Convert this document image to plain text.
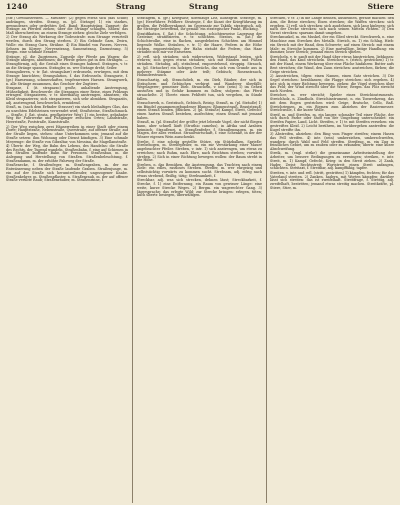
1240	Strang	Strang	Stiere

[Str.] Gewölbstreifen. — Mitunter: (2) gegen etwas sich (das Schiff) andrängen, streifen. Strang, m. (pl. Stränge) 1) ein starkes, gewundenes oder gedrehtes Seil, Band; Hauptsträng, Zuggurt; die Stränge an Pferden ziehen; über die Stränge schlagen, hauen: das Maß überschreiten; an einem Strange ziehen: gleiche Ziele verfolgen.

2) Der Strang als Werkzeug der Todesstrafe: zum Strange verurteilt werden, durch den Strang sterben. 3) Ein Gebinde Garn, Zwirn, Wolle: ein Strang Garn, Strähne. 4) Ein Bündel von Fasern, Nerven, Sehnen im Körper; Nervenstrang, Samenstrang, Darmstrang. 5) Bergm. eine schmale Erzader.

Stränge, pl. die Zugriemen, Zugseile der Pferde am Wagen; die Stränge anlegen, abnehmen; die Pferde gehen gut in den Strängen. — Strangförmig, adj. die Gestalt eines Stranges habend. Strängen, v. tr. an die Stränge spannen. Strängler, m. wer Stränge dreht; Seiler.

Strangulieren, v. tr. (lat. strangulare) erdrosseln, erwürgen, mit dem Strange hinrichten; Strangulation, f. das Erdrosseln. Strangurie, f. (gr.) Harnzwang, schmerzhaftes, tropfenweises Harnen. Strangwerk, n. alle Stränge zusammen, das Geschirr der Zugtiere.

Strapaze, f. (it. strapazzo) große, anhaltende Anstrengung, Mühseligkeit, Beschwerde: die Strapazen einer Reise, eines Feldzugs ertragen. Strapazieren, v. tr. übermäßig anstrengen, abnutzen; ein Kleid strapazieren; sich strapazieren, sich sehr abmühen. Strapaziös, adj. anstrengend, beschwerlich, ermüdend.

Straß, m. (nach dem Erfinder Strasser) ein stark bleihaltiges Glas, das zu unechten Edelsteinen verwendet wird; Straßsteine, Straßschmuck. — Straße, f. (lat. strata, gepflasterter Weg) 1) ein breiter, gebahnter Weg für Fuhrwerke und Fußgänger zwischen Orten; Landstraße, Heerstraße, Poststraße, Kunststraße.

2) Der Weg zwischen zwei Häuserreihen in einer Stadt oder einem Dorfe; Hauptstraße, Nebenstraße, Querstraße; auf offener Straße; auf der Straße liegen, stehen: ohne Unterkommen sein; jemand auf die Straße setzen: ihm Wohnung oder Dienst kündigen. 3) Eine schmale Meerenge: die Straße von Gibraltar, von Messina, die Magellanstraße.

4) Übertr. der Weg, die Bahn des Lebens, des Handelns: die Straße des Rechts, der Tugend wandeln. Straßenbahn, f. eine auf Schienen in den Straßen laufende Bahn für Personen. Straßenbau, m. die Anlegung und Herstellung von Straßen. Straßenbeleuchtung, f. Straßendamm, m. der erhöhte Fahrweg der Straße.

Straßenecke, f. Straßenfeger, m. Straßengraben, m. der zur Entwässerung neben der Straße laufende Graben. Straßenjunge, m. ein auf der Straße sich herumtreibender, ungezogener Knabe. Straßenkehrer, m. Straßenpflaster, n. Straßenraub, m. der auf offener Straße verübte Raub; Straßenräuber, m. Straßenrinne, f.

Stratagem, n. (gr.) Kriegslist; überhaupt List, Kunstgriff. Stratege, m. (gr.) Heerführer, Feldherr. Strategie, f. die Kunst der Kriegführung im großen, die Feldherrnkunst, im Gegensatz zur Taktik; strategisch, adj. die Strategie betreffend, ihr gemäß: ein strategischer Punkt, Rückzug.

Stratifikation, f. (lat.) die Schichtung, schichtenweise Lagerung der Gesteine; stratifizieren, v. tr. schichten. Stratus, m. (lat.) die Schichtwolke, eine in flachen, ausgedehnten Schichten am Himmel liegende Wolke. Sträuben, v. tr. 1) die Haare, Federn in die Höhe richten, emporsträuben: der Hahn sträubt die Federn; das Haar sträubte sich mir vor Entsetzen.

2) refl. sich sträuben: sich widersetzen, Widerstand leisten, sich wehren; sich gegen etwas sträuben; sich mit Händen und Füßen sträuben. Sträubig, adj. sträubend, emporstehend, struppig. Strauch, m. (pl. Sträucher) ein holziges Gewächs, das sich vom Grunde aus in mehrere Stämme oder Äste teilt; Gebüsch; Rosenstrauch, Holunderstrauch.

Strauchartig, adj. Strauchdieb, m. ein Dieb, Räuber, der sich in Sträuchern und Gebüschen verbirgt und Wanderer überfällt; Wegelagerer; gemeiner Dieb. Straucheln, v. intr. (sein) 1) im Gehen anstoßen und in Gefahr kommen zu fallen; stolpern: das Pferd strauchelte. 2) Übertr. einen Fehltritt tun, sich vergehen, in Sünde fallen.

Strauchwerk, n. Gesträuch, Gebüsch, Reisig. Strauß, m. (pl. Sträuße) 1) ein Bündel zusammengebundener Blumen; Blumenstrauß, Brautstrauß; einen Strauß binden, pflücken. 2) (pl. Strauße) Kampf, Streit, Gefecht: einen harten Strauß bestehen, ausfechten; einen Strauß mit jemand haben.

Strauß, m. (pl. Strauße) der größte jetzt lebende Vogel, der nicht fliegen kann, aber schnell läuft (Struthio camelus), in Afrika und Arabien heimisch; Straußenei, n. Straußenfeder, f. Straußenmagen, m. ein Magen, der alles verdaut. Straußwirtschaft, f. eine Schenke, in der der Winzer eigenen Wein ausschenkt.

Strebe, f. eine schräg gestellte Stütze, ein Stützbalken, Sprieße; Strebebogen, m. Strebepfeiler, m. ein zur Verstärkung einer Mauer angebrachter Pfeiler. Streben, v. intr. 1) sich anstrengen, um etwas zu erreichen; nach Ruhm, nach Ehre, nach Reichtum streben; vorwärts streben. 2) Sich in einer Richtung bewegen wollen: der Baum strebt in die Höhe.

Streben, n. das Bemühen, die Anstrengung, das Trachten nach einem Ziele: ein edles, rastloses Streben. Streber, m. wer ehrgeizig und selbstsüchtig vorwärts zu kommen sucht. Strebsam, adj. eifrig nach etwas strebend, fleißig, tätig; Strebsamkeit, f.

Streckbar, adj. was sich strecken, dehnen lässt; Streckbarkeit, f. Strecke, f. 1) eine Entfernung, ein Raum von gewisser Länge: eine weite, kurze Strecke Weges. 2) Bergm. ein wagerechter Gang. 3) Jägersprache: das erlegte Wild; zur Strecke bringen: erlegen, töten; auch übertr. besiegen, überwältigen.

Strecken, v. tr. 1) in die Länge dehnen, ausdehnen, gerade machen: den Arm, die Beine strecken; Eisen strecken; die Waffen strecken: sich ergeben. 2) refl. sich strecken: sich ausdehnen, sich lang hinlegen; sich nach der Decke strecken: sich nach seinen Mitteln richten. 3) Den Vorrat strecken: sparsam damit umgehen.

Streckmuskel, m. ein Muskel, der ein Glied streckt. Streckwerk, n. eine Maschine zum Strecken des Metalls. Streich, m. 1) ein Schlag, Hieb: ein Streich mit der Hand, dem Schwerte; auf einen Streich: mit einem Male; zu Streiche kommen. 2) Eine mutwillige, listige Handlung: ein dummer, loser Streich; jemand einen Streich spielen.

Streicheln, v. tr. sanft mit der Hand über etwas hinstreichen, liebkosen: den Hund, das Kind streicheln. Streichen, v. (strich, gestrichen) 1) tr. mit der Hand, einem Werkzeug über eine Fläche hinfahren: Butter aufs Brot streichen; die Wand, den Zaun streichen: anstreichen, färben; die Geige streichen.

2) Ausstreichen, tilgen: einen Namen, einen Satz streichen. 3) Die Segel streichen: herablassen; die Flagge streichen: sich ergeben. 4) intr. sich in einer Richtung bewegen, ziehen: die Vögel streichen über das Feld; der Wind streicht über die Wiese; Bergm. das Flöz streicht nach Norden.

Streicher, m. wer streicht; Spieler eines Streichinstruments. Streichholz, n. Zündholz. Streichinstrument, n. ein Tonwerkzeug, das mit dem Bogen gestrichen wird: Geige, Bratsche, Cello, Baß. Streichriemen, m. ein Riemen zum Abziehen der Rasiermesser. Streichwolle, f. die kurze Wolle.

Streif, m. und Streifen, m. ein langer, schmaler Teil einer Fläche, der sich durch Farbe oder Stoff von der Umgebung unterscheidet: ein Streifen Papier, Land, Licht. Streifen, v. 1) tr. mit Streifen versehen: ein gestreiftes Kleid. 2) Leicht berühren, im Vorübergehen anstreifen: die Kugel streifte ihn.

3) Abstreifen, abziehen: den Ring vom Finger streifen; einem Hasen das Fell streifen. 4) intr. (sein) umherziehen, umherschweifen, wandern: durch Wald und Feld streifen. Streifzug, m. ein Zug in feindliches Gebiet, um zu rauben oder zu erkunden; übertr. eine kurze Abschweifung.

Streik, m. (engl. strike) die gemeinsame Arbeitseinstellung der Arbeiter, um bessere Bedingungen zu erzwingen; streiken, v. intr. Streit, m. 1) Kampf, Gefecht, Krieg: in den Streit ziehen. 2) Zank, Hader, Zwist; Rechtsstreit; Wortstreit; einen Streit anfangen, schlichten. Streitaxt, f. Streitbar, adj. kampffähig, tapfer.

Streiten, v. intr. und refl. (stritt, gestritten) 1) kämpfen, fechten; für das Vaterland streiten. 2) Zanken, hadern, mit Worten kämpfen; darüber lässt sich streiten: das ist zweifelhaft. Streitfrage, f. Streitig, adj. zweifelhaft, bestritten; jemand etwas streitig machen. Streitkräfte, pl. Stiere, Stier, m.
